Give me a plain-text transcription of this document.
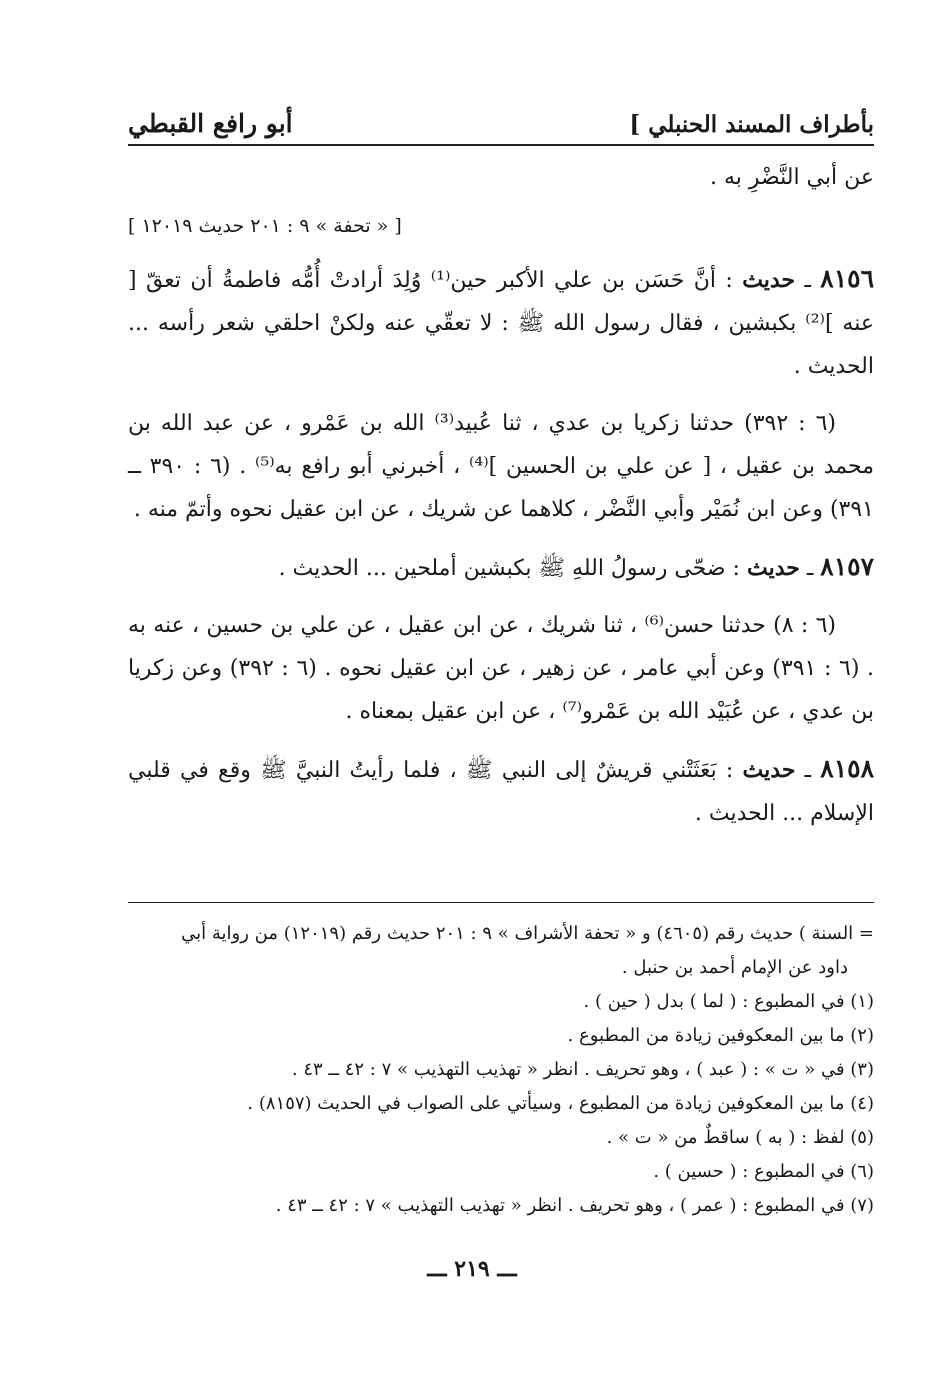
بأطراف المسند الحنبلي ]
أبو رافع القبطي

عن أبي النَّضْرِ به .

[ « تحفة » ٩ : ٢٠١ حديث ١٢٠١٩ ]

٨١٥٦ ـ حديث : أنَّ حَسَن بن علي الأكبر حين⁽¹⁾ وُلِدَ أرادتْ أُمُّه فاطمةُ أن تعقّ [ عنه ]⁽²⁾ بكبشين ، فقال رسول الله ﷺ : لا تعقّي عنه ولكنْ احلقي شعر رأسه ... الحديث .

(٦ : ٣٩٢) حدثنا زكريا بن عدي ، ثنا عُبيد⁽³⁾ الله بن عَمْرو ، عن عبد الله بن محمد بن عقيل ، [ عن علي بن الحسين ]⁽⁴⁾ ، أخبرني أبو رافع به⁽⁵⁾ . (٦ : ٣٩٠ ــ ٣٩١) وعن ابن نُمَيْر وأبي النَّضْر ، كلاهما عن شريك ، عن ابن عقيل نحوه وأتمّ منه .

٨١٥٧ ـ حديث : ضحّى رسولُ اللهِ ﷺ بكبشين أملحين ... الحديث .

(٦ : ٨) حدثنا حسن⁽⁶⁾ ، ثنا شريك ، عن ابن عقيل ، عن علي بن حسين ، عنه به . (٦ : ٣٩١) وعن أبي عامر ، عن زهير ، عن ابن عقيل نحوه . (٦ : ٣٩٢) وعن زكريا بن عدي ، عن عُبَيْد الله بن عَمْرو⁽⁷⁾ ، عن ابن عقيل بمعناه .

٨١٥٨ ـ حديث : بَعَثَتْني قريشٌ إلى النبي ﷺ ، فلما رأيتُ النبيَّ ﷺ وقع في قلبي الإسلام ... الحديث .

= السنة ) حديث رقم (٤٦٠٥) و « تحفة الأشراف » ٩ : ٢٠١ حديث رقم (١٢٠١٩) من رواية أبي

داود عن الإمام أحمد بن حنبل .

(١) في المطبوع : ( لما ) بدل ( حين ) .

(٢) ما بين المعكوفين زيادة من المطبوع .

(٣) في « ت » : ( عبد ) ، وهو تحريف . انظر « تهذيب التهذيب » ٧ : ٤٢ ــ ٤٣ .

(٤) ما بين المعكوفين زيادة من المطبوع ، وسيأتي على الصواب في الحديث (٨١٥٧) .

(٥) لفظ : ( به ) ساقطٌ من « ت » .

(٦) في المطبوع : ( حسين ) .

(٧) في المطبوع : ( عمر ) ، وهو تحريف . انظر « تهذيب التهذيب » ٧ : ٤٢ ــ ٤٣ .

ـــ ٢١٩ ـــ
